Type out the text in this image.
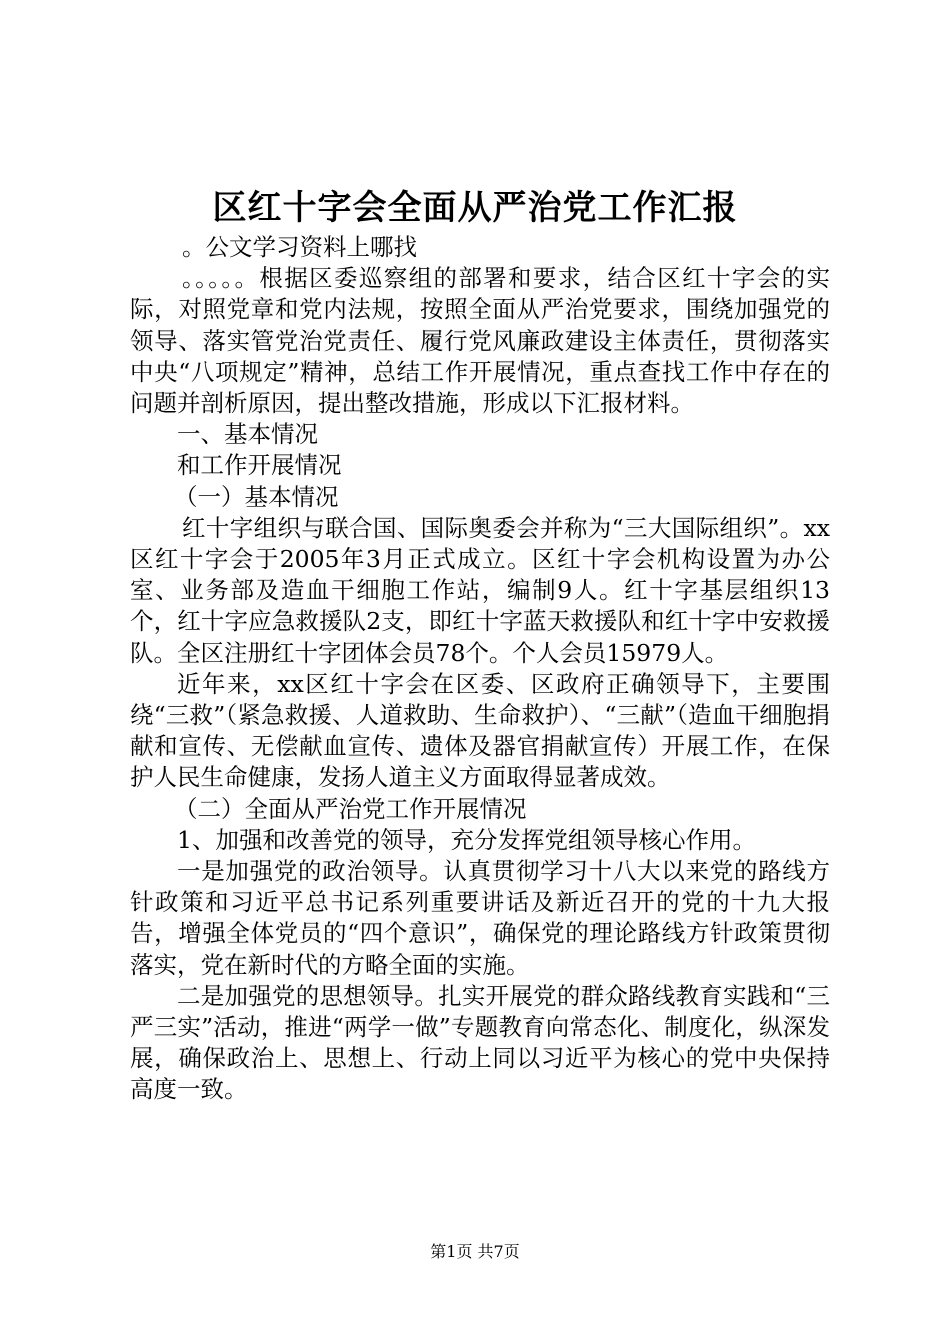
区红十字会全面从严治党工作汇报

。公文学习资料上哪找

。。。。。根据区委巡察组的部署和要求，结合区红十字会的实际，对照党章和党内法规，按照全面从严治党要求，围绕加强党的领导、落实管党治党责任、履行党风廉政建设主体责任，贯彻落实中央“八项规定”精神，总结工作开展情况，重点查找工作中存在的问题并剖析原因，提出整改措施，形成以下汇报材料。

一、基本情况

和工作开展情况

（一）基本情况

红十字组织与联合国、国际奥委会并称为“三大国际组织”。xx区红十字会于2005年3月正式成立。区红十字会机构设置为办公室、业务部及造血干细胞工作站，编制9人。红十字基层组织13个，红十字应急救援队2支，即红十字蓝天救援队和红十字中安救援队。全区注册红十字团体会员78个。个人会员15979人。

近年来，xx区红十字会在区委、区政府正确领导下，主要围绕“三救”（紧急救援、人道救助、生命救护）、“三献”（造血干细胞捐献和宣传、无偿献血宣传、遗体及器官捐献宣传）开展工作，在保护人民生命健康，发扬人道主义方面取得显著成效。

（二）全面从严治党工作开展情况

1、加强和改善党的领导，充分发挥党组领导核心作用。

一是加强党的政治领导。认真贯彻学习十八大以来党的路线方针政策和习近平总书记系列重要讲话及新近召开的党的十九大报告，增强全体党员的“四个意识”，确保党的理论路线方针政策贯彻落实，党在新时代的方略全面的实施。

二是加强党的思想领导。扎实开展党的群众路线教育实践和“三严三实”活动，推进“两学一做”专题教育向常态化、制度化，纵深发展，确保政治上、思想上、行动上同以习近平为核心的党中央保持高度一致。

第1页 共7页
